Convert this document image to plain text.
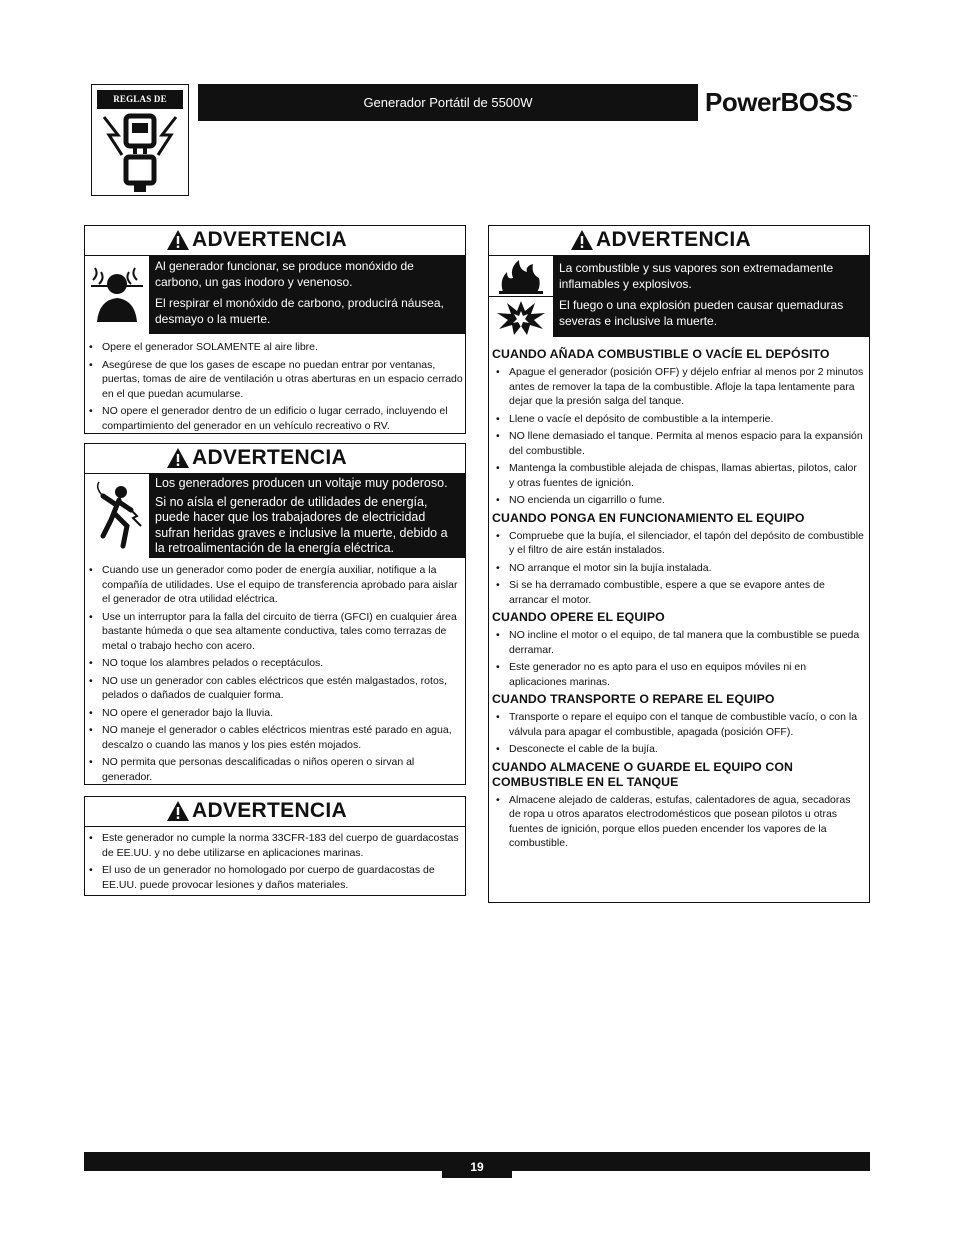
REGLAS DE SEGURIDAD
Generador Portátil de 5500W	PowerBOSS™
ADVERTENCIA

Al generador funcionar, se produce monóxido de carbono, un gas inodoro y venenoso.

El respirar el monóxido de carbono, producirá náusea, desmayo o la muerte.

• Opere el generador SOLAMENTE al aire libre.
• Asegúrese de que los gases de escape no puedan entrar por ventanas, puertas, tomas de aire de ventilación u otras aberturas en un espacio cerrado en el que puedan acumularse.
• NO opere el generador dentro de un edificio o lugar cerrado, incluyendo el compartimiento del generador en un vehículo recreativo o RV.
ADVERTENCIA

Los generadores producen un voltaje muy poderoso.

Si no aísla el generador de utilidades de energía, puede hacer que los trabajadores de electricidad sufran heridas graves e inclusive la muerte, debido a la retroalimentación de la energía eléctrica.

• Cuando use un generador como poder de energía auxiliar, notifique a la compañía de utilidades. Use el equipo de transferencia aprobado para aislar el generador de otra utilidad eléctrica.
• Use un interruptor para la falla del circuito de tierra (GFCI) en cualquier área bastante húmeda o que sea altamente conductiva, tales como terrazas de metal o trabajo hecho con acero.
• NO toque los alambres pelados o receptáculos.
• NO use un generador con cables eléctricos que estén malgastados, rotos, pelados o dañados de cualquier forma.
• NO opere el generador bajo la lluvia.
• NO maneje el generador o cables eléctricos mientras esté parado en agua, descalzo o cuando las manos y los pies estén mojados.
• NO permita que personas descalificadas o niños operen o sirvan al generador.
ADVERTENCIA
• Este generador no cumple la norma 33CFR-183 del cuerpo de guardacostas de EE.UU. y no debe utilizarse en aplicaciones marinas.
• El uso de un generador no homologado por cuerpo de guardacostas de EE.UU. puede provocar lesiones y daños materiales.
ADVERTENCIA

La combustible y sus vapores son extremadamente inflamables y explosivos.

El fuego o una explosión pueden causar quemaduras severas e inclusive la muerte.

CUANDO AÑADA COMBUSTIBLE O VACÍE EL DEPÓSITO
• Apague el generador (posición OFF) y déjelo enfriar al menos por 2 minutos antes de remover la tapa de la combustible. Afloje la tapa lentamente para dejar que la presión salga del tanque.
• Llene o vacíe el depósito de combustible a la intemperie.
• NO llene demasiado el tanque. Permita al menos espacio para la expansión del combustible.
• Mantenga la combustible alejada de chispas, llamas abiertas, pilotos, calor y otras fuentes de ignición.
• NO encienda un cigarrillo o fume.
CUANDO PONGA EN FUNCIONAMIENTO EL EQUIPO
• Compruebe que la bujía, el silenciador, el tapón del depósito de combustible y el filtro de aire están instalados.
• NO arranque el motor sin la bujía instalada.
• Si se ha derramado combustible, espere a que se evapore antes de arrancar el motor.
CUANDO OPERE EL EQUIPO
• NO incline el motor o el equipo, de tal manera que la combustible se pueda derramar.
• Este generador no es apto para el uso en equipos móviles ni en aplicaciones marinas.
CUANDO TRANSPORTE O REPARE EL EQUIPO
• Transporte o repare el equipo con el tanque de combustible vacío, o con la válvula para apagar el combustible, apagada (posición OFF).
• Desconecte el cable de la bujía.
CUANDO ALMACENE O GUARDE EL EQUIPO CON COMBUSTIBLE EN EL TANQUE
• Almacene alejado de calderas, estufas, calentadores de agua, secadoras de ropa u otros aparatos electrodomésticos que posean pilotos u otras fuentes de ignición, porque ellos pueden encender los vapores de la combustible.
19
